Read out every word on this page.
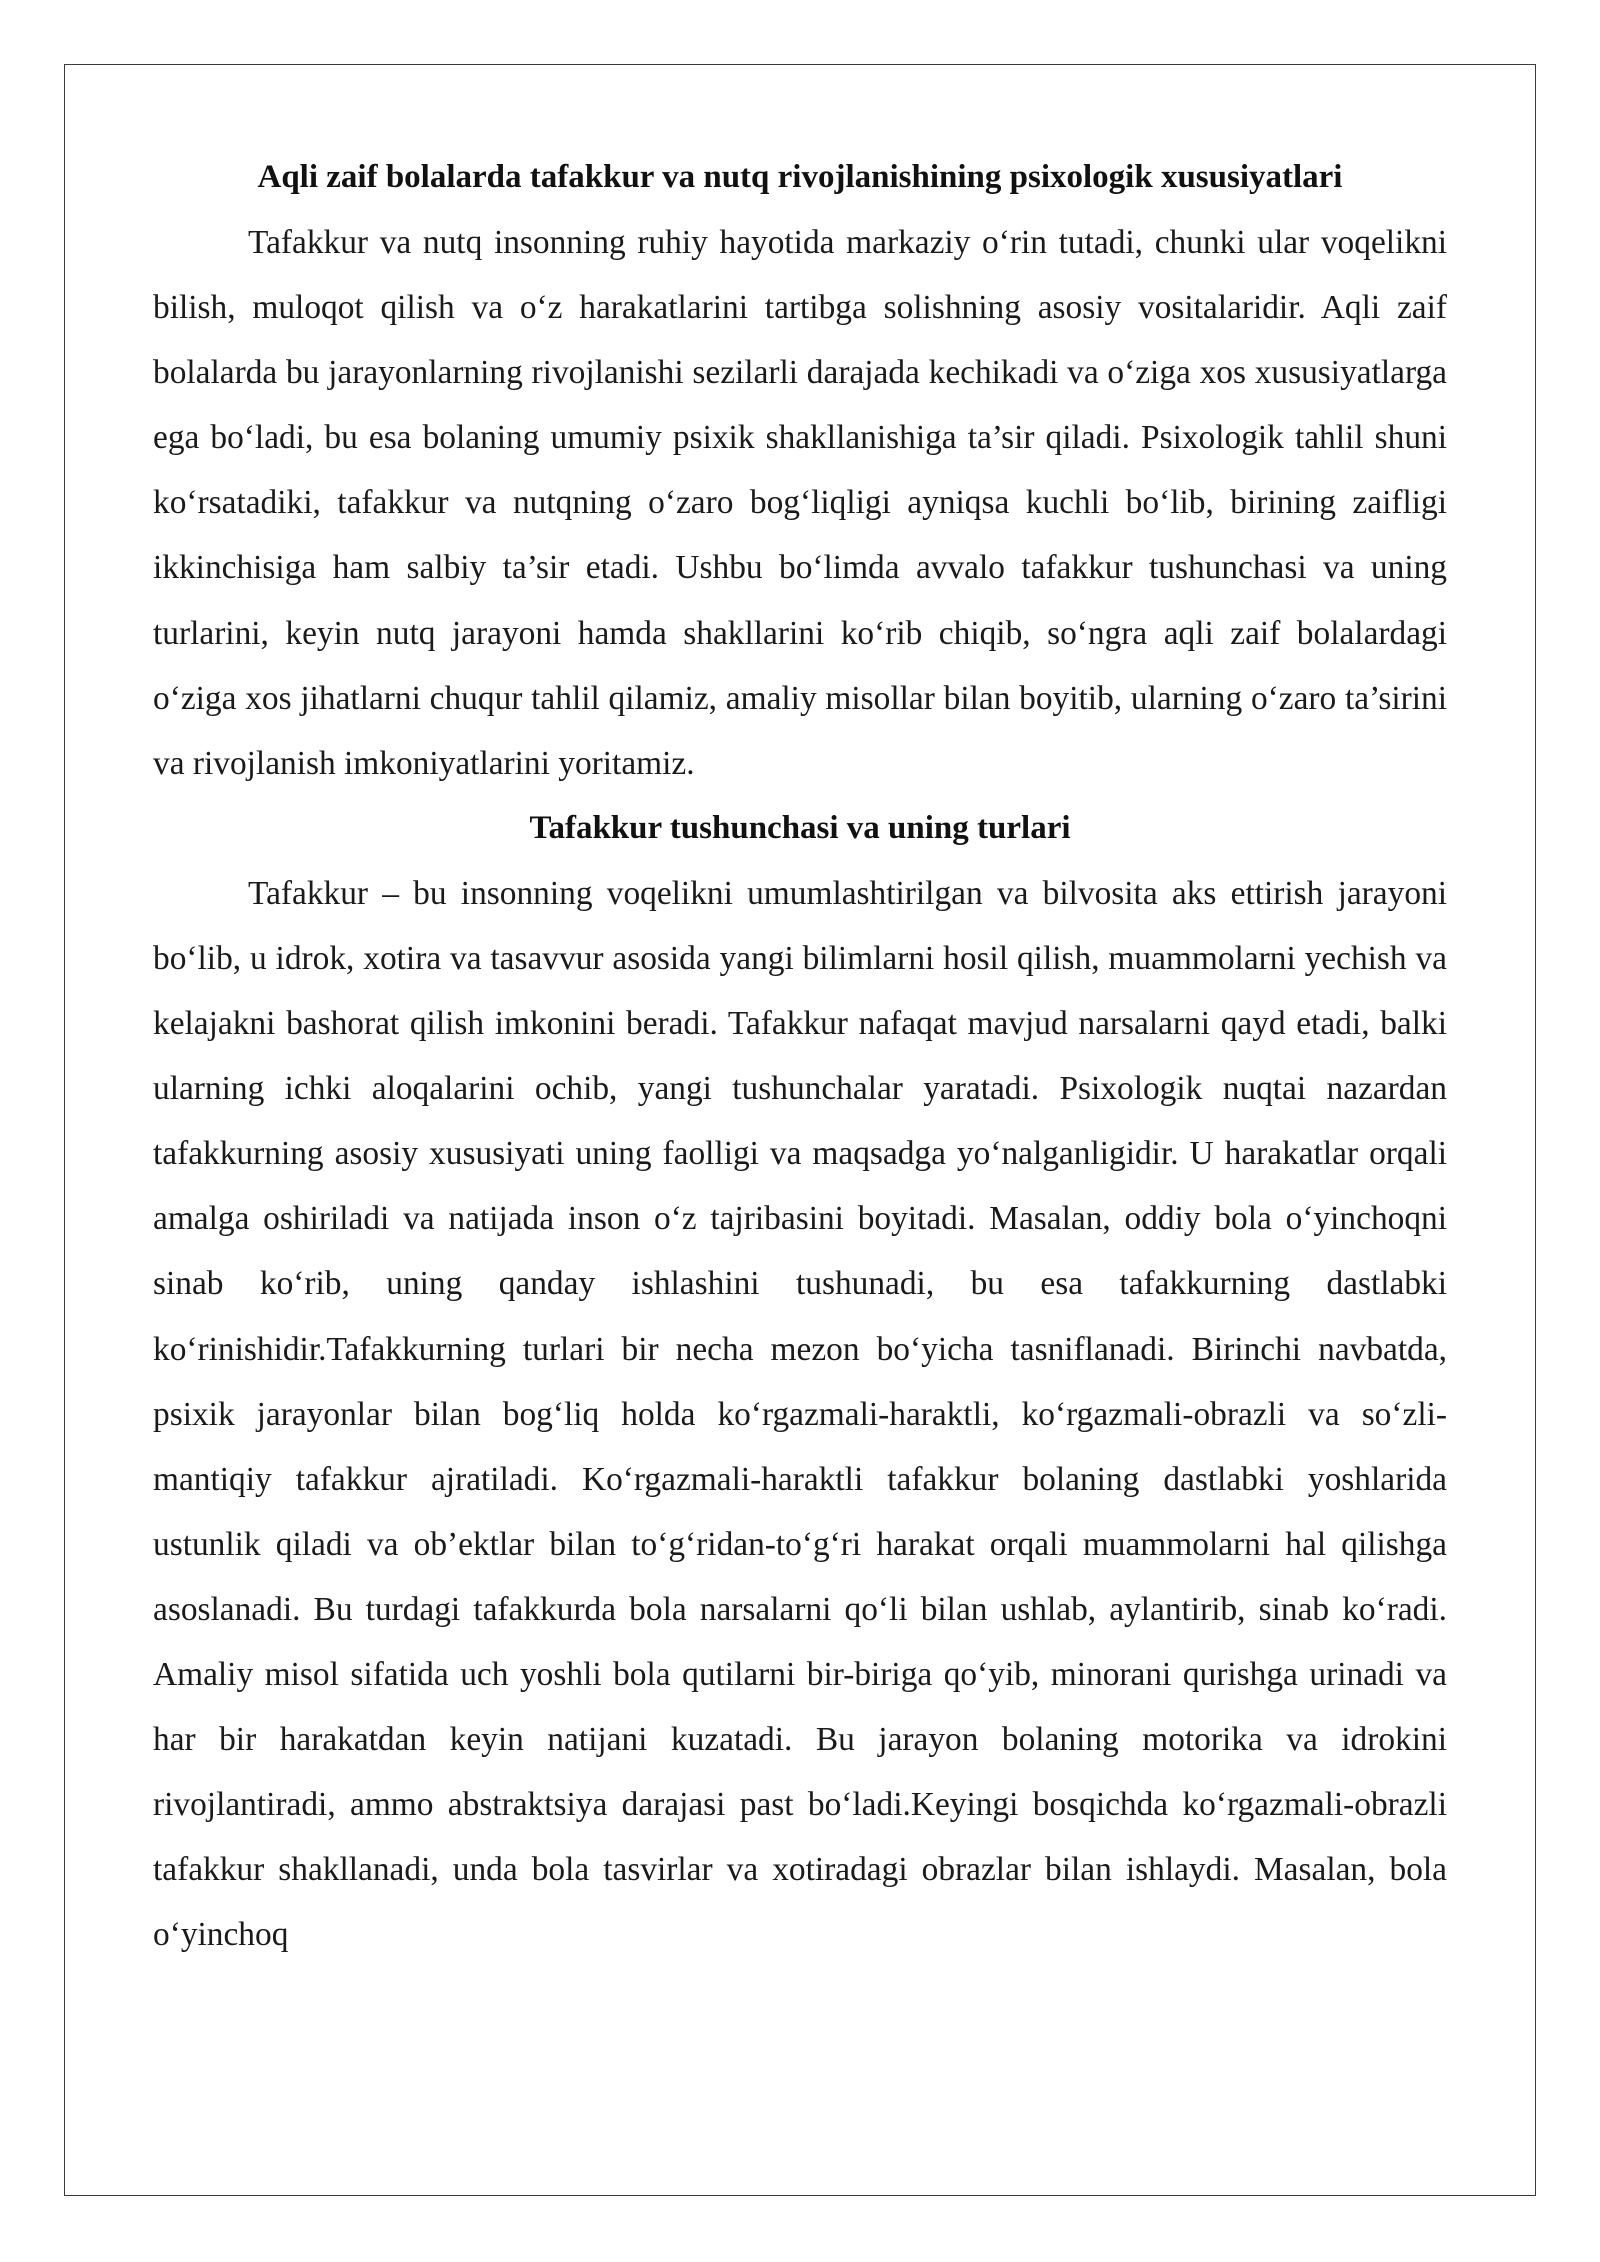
Aqli zaif bolalarda tafakkur va nutq rivojlanishining psixologik xususiyatlari

Tafakkur va nutq insonning ruhiy hayotida markaziy o‘rin tutadi, chunki ular voqelikni bilish, muloqot qilish va o‘z harakatlarini tartibga solishning asosiy vositalaridir. Aqli zaif bolalarda bu jarayonlarning rivojlanishi sezilarli darajada kechikadi va o‘ziga xos xususiyatlarga ega bo‘ladi, bu esa bolaning umumiy psixik shakllanishiga ta’sir qiladi. Psixologik tahlil shuni ko‘rsatadiki, tafakkur va nutqning o‘zaro bog‘liqligi ayniqsa kuchli bo‘lib, birining zaifligi ikkinchisiga ham salbiy ta’sir etadi. Ushbu bo‘limda avvalo tafakkur tushunchasi va uning turlarini, keyin nutq jarayoni hamda shakllarini ko‘rib chiqib, so‘ngra aqli zaif bolalardagi o‘ziga xos jihatlarni chuqur tahlil qilamiz, amaliy misollar bilan boyitib, ularning o‘zaro ta’sirini va rivojlanish imkoniyatlarini yoritamiz.

Tafakkur tushunchasi va uning turlari

Tafakkur – bu insonning voqelikni umumlashtirilgan va bilvosita aks ettirish jarayoni bo‘lib, u idrok, xotira va tasavvur asosida yangi bilimlarni hosil qilish, muammolarni yechish va kelajakni bashorat qilish imkonini beradi. Tafakkur nafaqat mavjud narsalarni qayd etadi, balki ularning ichki aloqalarini ochib, yangi tushunchalar yaratadi. Psixologik nuqtai nazardan tafakkurning asosiy xususiyati uning faolligi va maqsadga yo‘nalganligidir. U harakatlar orqali amalga oshiriladi va natijada inson o‘z tajribasini boyitadi. Masalan, oddiy bola o‘yinchoqni sinab ko‘rib, uning qanday ishlashini tushunadi, bu esa tafakkurning dastlabki ko‘rinishidir.Tafakkurning turlari bir necha mezon bo‘yicha tasniflanadi. Birinchi navbatda, psixik jarayonlar bilan bog‘liq holda ko‘rgazmali-haraktli, ko‘rgazmali-obrazli va so‘zli-mantiqiy tafakkur ajratiladi. Ko‘rgazmali-haraktli tafakkur bolaning dastlabki yoshlarida ustunlik qiladi va ob’ektlar bilan to‘g‘ridan-to‘g‘ri harakat orqali muammolarni hal qilishga asoslanadi. Bu turdagi tafakkurda bola narsalarni qo‘li bilan ushlab, aylantirib, sinab ko‘radi. Amaliy misol sifatida uch yoshli bola qutilarni bir-biriga qo‘yib, minorani qurishga urinadi va har bir harakatdan keyin natijani kuzatadi. Bu jarayon bolaning motorika va idrokini rivojlantiradi, ammo abstraktsiya darajasi past bo‘ladi.Keyingi bosqichda ko‘rgazmali-obrazli tafakkur shakllanadi, unda bola tasvirlar va xotiradagi obrazlar bilan ishlaydi. Masalan, bola o‘yinchoq
